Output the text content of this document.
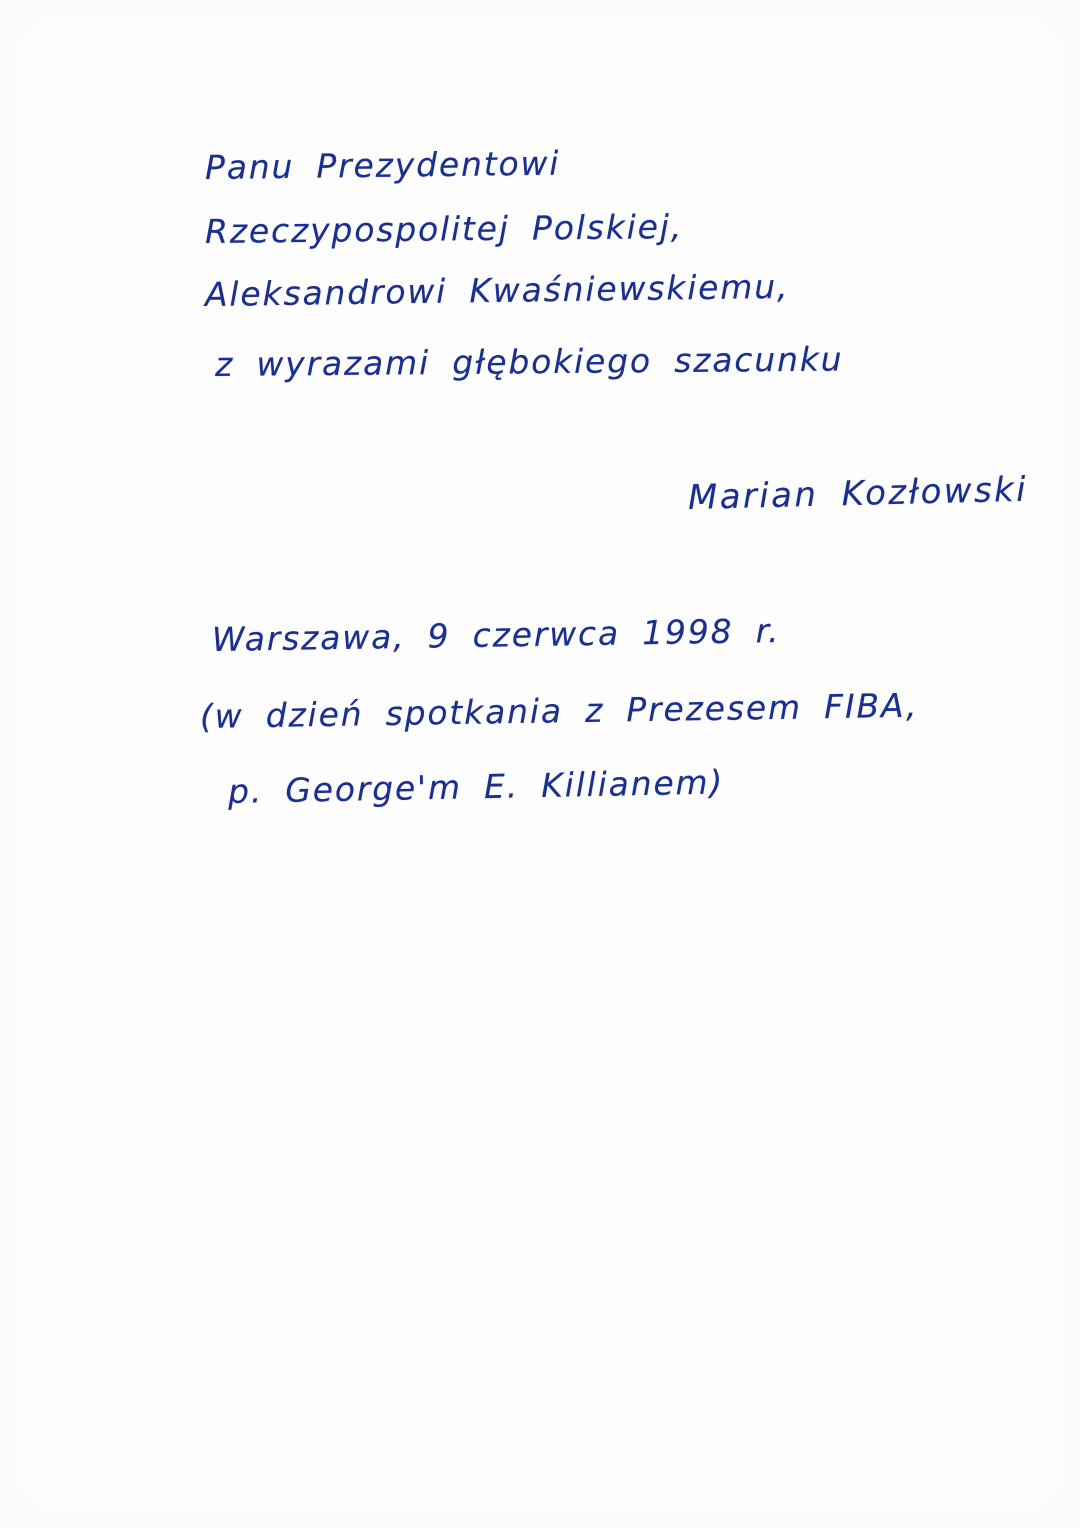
Panu Prezydentowi
Rzeczypospolitej Polskiej,
Aleksandrowi Kwaśniewskiemu,
z wyrazami głębokiego szacunku
Marian Kozłowski
Warszawa, 9 czerwca 1998 r.
(w dzień spotkania z Prezesem FIBA,
p. George'm E. Killianem)
